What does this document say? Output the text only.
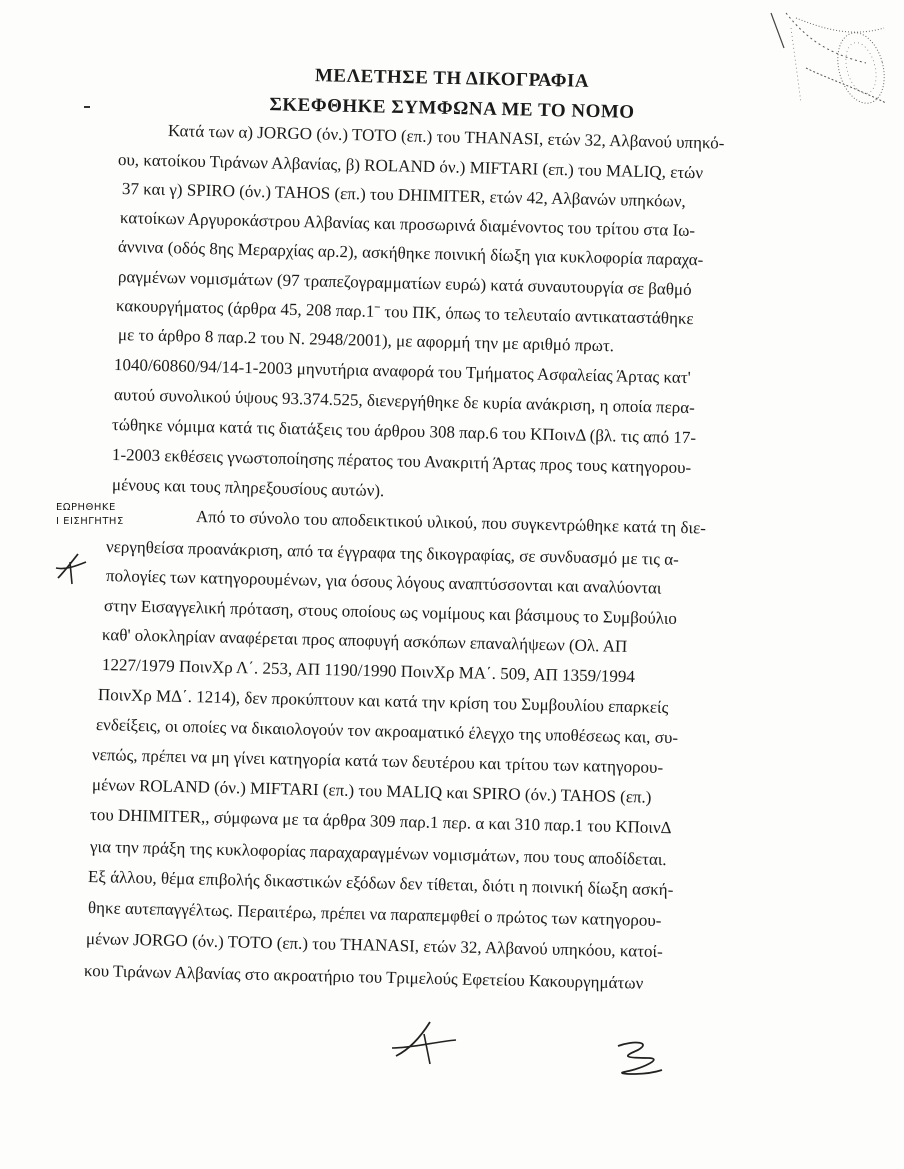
ΜΕΛΕΤΗΣΕ ΤΗ ΔΙΚΟΓΡΑΦΙΑ
ΣΚΕΦΘΗΚΕ ΣΥΜΦΩΝΑ ΜΕ ΤΟ ΝΟΜΟ
Κατά των α) JORGO (όν.) TOTO (επ.) του THANASI, ετών 32, Αλβανού υπηκό-
ου, κατοίκου Τιράνων Αλβανίας, β) ROLAND όν.) MIFTARI (επ.) του MALIQ, ετών
37 και γ) SPIRO (όν.) TAHOS (επ.) του DHIMITER, ετών 42, Αλβανών υπηκόων,
κατοίκων Αργυροκάστρου Αλβανίας και προσωρινά διαμένοντος του τρίτου στα Ιω-
άννινα (οδός 8ης Μεραρχίας αρ.2), ασκήθηκε ποινική δίωξη για κυκλοφορία παραχα-
ραγμένων νομισμάτων (97 τραπεζογραμματίων ευρώ) κατά συναυτουργία σε βαθμό
κακουργήματος (άρθρα 45, 208 παρ.1ˉ του ΠΚ, όπως το τελευταίο αντικαταστάθηκε
με το άρθρο 8 παρ.2 του Ν. 2948/2001), με αφορμή την με αριθμό πρωτ.
1040/60860/94/14-1-2003 μηνυτήρια αναφορά του Τμήματος Ασφαλείας Άρτας κατ'
αυτού συνολικού ύψους 93.374.525, διενεργήθηκε δε κυρία ανάκριση, η οποία περα-
τώθηκε νόμιμα κατά τις διατάξεις του άρθρου 308 παρ.6 του ΚΠοινΔ (βλ. τις από 17-
1-2003 εκθέσεις γνωστοποίησης πέρατος του Ανακριτή Άρτας προς τους κατηγορου-
μένους και τους πληρεξουσίους αυτών).
ΕΩΡΗΘΗΚΕ
Ι ΕΙΣΗΓΗΤΗΣ	Από το σύνολο του αποδεικτικού υλικού, που συγκεντρώθηκε κατά τη διε-
νεργηθείσα προανάκριση, από τα έγγραφα της δικογραφίας, σε συνδυασμό με τις α-
πολογίες των κατηγορουμένων, για όσους λόγους αναπτύσσονται και αναλύονται
στην Εισαγγελική πρόταση, στους οποίους ως νομίμους και βάσιμους το Συμβούλιο
καθ' ολοκληρίαν αναφέρεται προς αποφυγή ασκόπων επαναλήψεων (Ολ. ΑΠ
1227/1979 ΠοινΧρ Λ΄. 253, ΑΠ 1190/1990 ΠοινΧρ ΜΑ΄. 509, ΑΠ 1359/1994
ΠοινΧρ ΜΔ΄. 1214), δεν προκύπτουν και κατά την κρίση του Συμβουλίου επαρκείς
ενδείξεις, οι οποίες να δικαιολογούν τον ακροαματικό έλεγχο της υποθέσεως και, συ-
νεπώς, πρέπει να μη γίνει κατηγορία κατά των δευτέρου και τρίτου των κατηγορου-
μένων ROLAND (όν.) MIFTARI (επ.) του MALIQ και SPIRO (όν.) TAHOS (επ.)
του DHIMITER,, σύμφωνα με τα άρθρα 309 παρ.1 περ. α και 310 παρ.1 του ΚΠοινΔ
για την πράξη της κυκλοφορίας παραχαραγμένων νομισμάτων, που τους αποδίδεται.
Εξ άλλου, θέμα επιβολής δικαστικών εξόδων δεν τίθεται, διότι η ποινική δίωξη ασκή-
θηκε αυτεπαγγέλτως. Περαιτέρω, πρέπει να παραπεμφθεί ο πρώτος των κατηγορου-
μένων JORGO (όν.) TOTO (επ.) του THANASI, ετών 32, Αλβανού υπηκόου, κατοί-
κου Τιράνων Αλβανίας στο ακροατήριο του Τριμελούς Εφετείου Κακουργημάτων
